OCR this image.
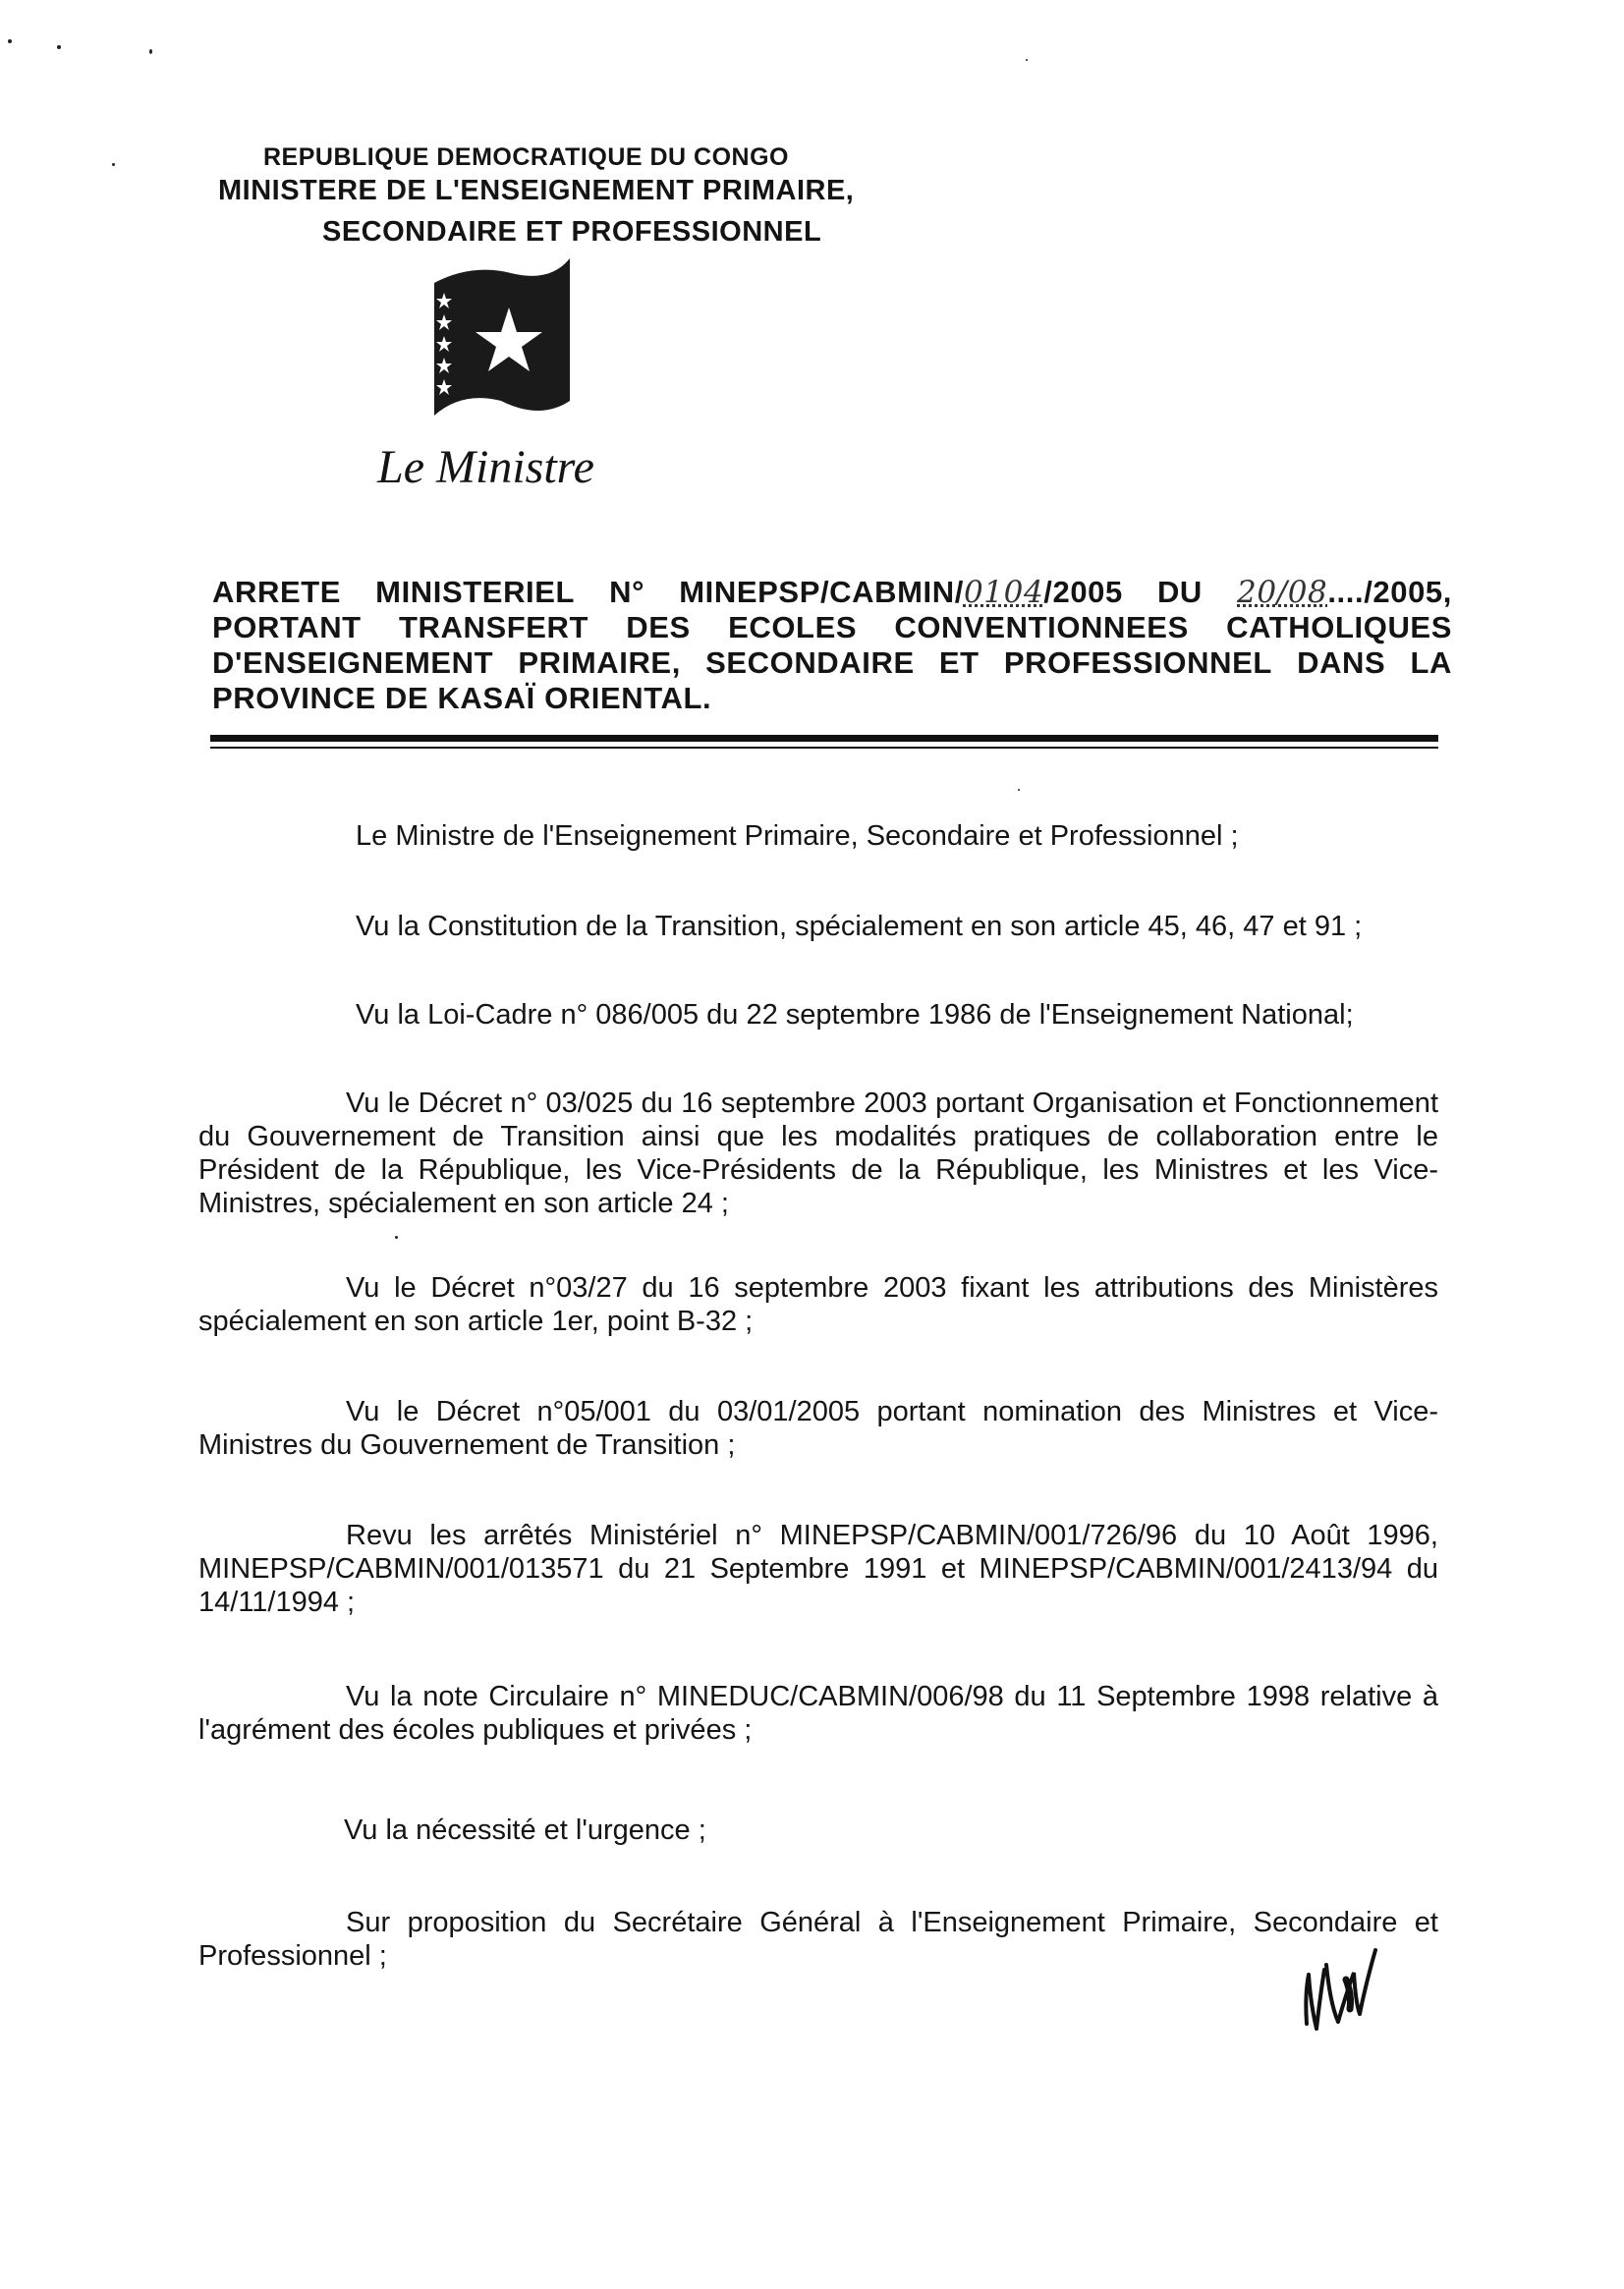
REPUBLIQUE DEMOCRATIQUE DU CONGO
MINISTERE DE L'ENSEIGNEMENT PRIMAIRE,
SECONDAIRE ET PROFESSIONNEL
Le Ministre
ARRETE MINISTERIEL N° MINEPSP/CABMIN/0104/2005 DU 20/08..../2005,
PORTANT TRANSFERT DES ECOLES CONVENTIONNEES CATHOLIQUES
D'ENSEIGNEMENT PRIMAIRE, SECONDAIRE ET PROFESSIONNEL DANS LA
PROVINCE DE KASAÏ ORIENTAL.
Le Ministre de l'Enseignement Primaire, Secondaire et Professionnel ;
Vu la Constitution de la Transition, spécialement en son article 45, 46, 47 et 91 ;
Vu la Loi-Cadre n° 086/005 du 22 septembre 1986 de l'Enseignement National;
Vu le Décret n° 03/025 du 16 septembre 2003 portant Organisation et Fonctionnement du Gouvernement de Transition ainsi que les modalités pratiques de collaboration entre le Président de la République, les Vice-Présidents de la République, les Ministres et les Vice-Ministres, spécialement en son article 24 ;
Vu le Décret n°03/27 du 16 septembre 2003 fixant les attributions des Ministères spécialement en son article 1er, point B-32 ;
Vu le Décret n°05/001 du 03/01/2005 portant nomination des Ministres et Vice-Ministres du Gouvernement de Transition ;
Revu les arrêtés Ministériel n° MINEPSP/CABMIN/001/726/96 du 10 Août 1996, MINEPSP/CABMIN/001/013571 du 21 Septembre 1991 et MINEPSP/CABMIN/001/2413/94 du 14/11/1994 ;
Vu la note Circulaire n° MINEDUC/CABMIN/006/98 du 11 Septembre 1998 relative à l'agrément des écoles publiques et privées ;
Vu la nécessité et l'urgence ;
Sur proposition du Secrétaire Général à l'Enseignement Primaire, Secondaire et Professionnel ;
